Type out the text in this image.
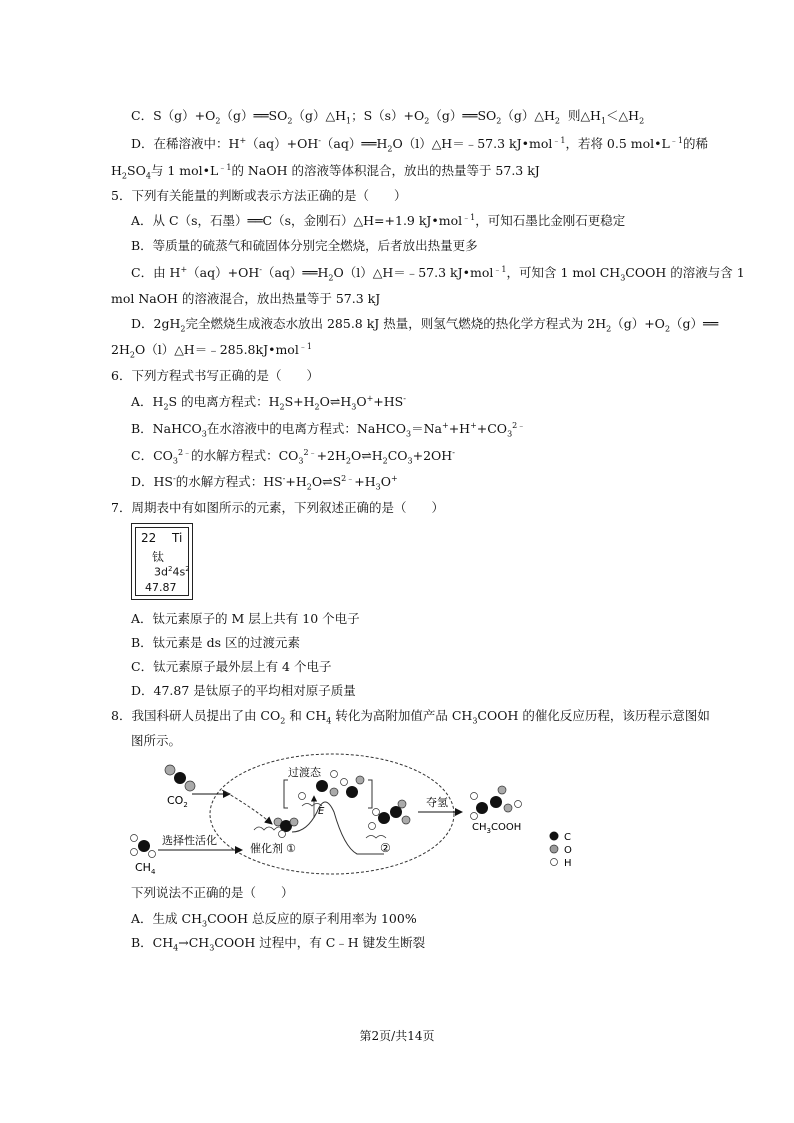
C．$S(g)+O_2(g)══SO_2(g)\triangle H_1$；$S(s)+O_2(g)══SO_2(g)\triangle H_2$ 则$\triangle H_1<\triangle H_2$
D．在稀溶液中：$H^+(aq)+OH^-(aq)══H_2O(l)\triangle H=﹣57.3$ kJ•mol$^{﹣1}$，若将 0.5 $mol•L^{﹣1}$的稀
$H_2SO_4$与 1 $mol•L^{﹣1}$的 NaOH 的溶液等体积混合，放出的热量等于 57.3 kJ
5．下列有关能量的判断或表示方法正确的是（　　）
A．从 C（s，石墨）══C（s，金刚石）△H=+1.9 kJ•mol$^{﹣1}$，可知石墨比金刚石更稳定
B．等质量的硫蒸气和硫固体分别完全燃烧，后者放出热量更多
C．由 $H^+(aq)+OH^-(aq)══H_2O(l)\triangle H=﹣57.3$ kJ•mol$^{﹣1}$，可知含 1 mol $CH_3COOH$ 的溶液与含 1
mol NaOH 的溶液混合，放出热量等于 57.3 kJ
D．$2gH_2$完全燃烧生成液态水放出 285.8 kJ 热量，则氢气燃烧的热化学方程式为 $2H_2(g)+O_2(g)══$
$2H_2O(l)\triangle H=﹣285.8kJ•mol^{﹣1}$
6．下列方程式书写正确的是（　　）
A．$H_2S$ 的电离方程式：$H_2S+H_2O\rightleftharpoons H_3O^++HS^-$
B．NaHCO$_3$在水溶液中的电离方程式：$NaHCO_3=Na^++H^++CO_3^{2﹣}$
C．$CO_3^{2﹣}$的水解方程式：$CO_3^{2﹣}+2H_2O\rightleftharpoons H_2CO_3+2OH^-$
D．HS-的水解方程式：$HS^-+H_2O\rightleftharpoons S^{2﹣}+H_3O^+$
7．周期表中有如图所示的元素，下列叙述正确的是（　　）
22 Ti
钛
$3d^24s^2$
47.87
A．钛元素原子的 M 层上共有 10 个电子
B．钛元素是 ds 区的过渡元素
C．钛元素原子最外层上有 4 个电子
D．47.87 是钛原子的平均相对原子质量
8．我国科研人员提出了由 $CO_2$ 和 $CH_4$ 转化为高附加值产品 $CH_3COOH$ 的催化反应历程，该历程示意图如
图所示。
$CO_2$
$CH_4$
选择性活化
催化剂 ①
过渡态
E
②
夺氢
$CH_3COOH$
C
O
H
下列说法不正确的是（　　）
A．生成 $CH_3COOH$ 总反应的原子利用率为 100%
B．$CH_4\to CH_3COOH$ 过程中，有 C﹣H 键发生断裂
第2页/共14页
